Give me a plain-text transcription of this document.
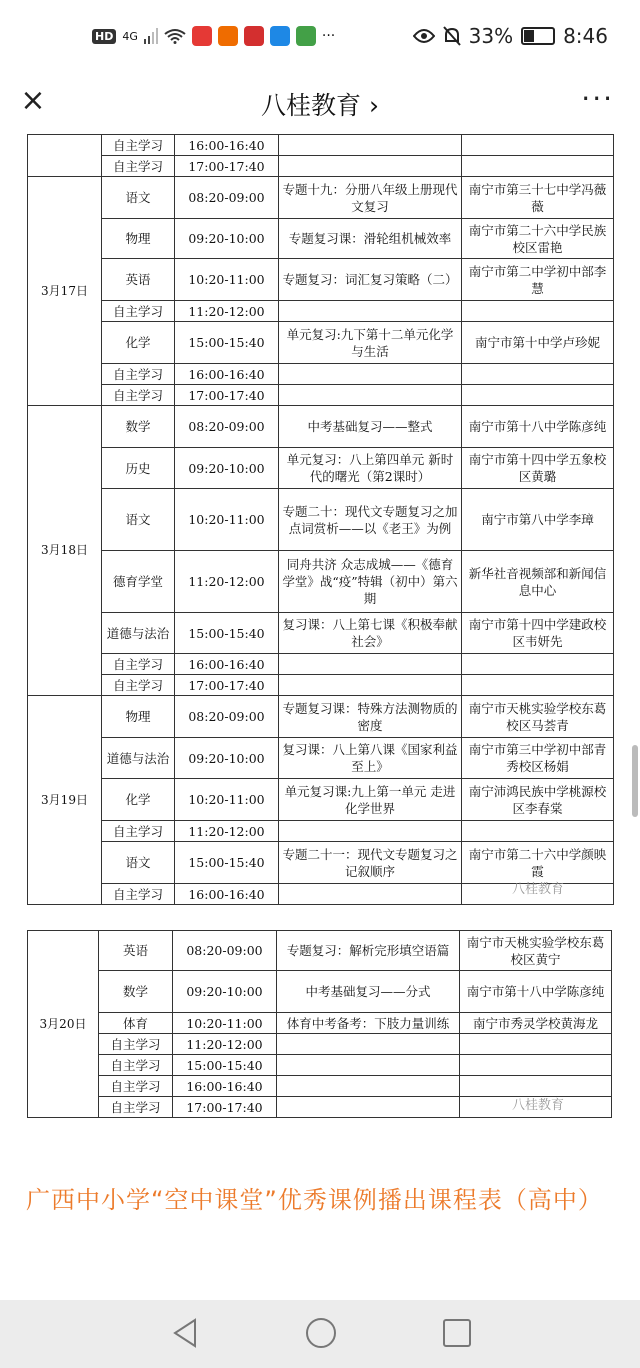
HD 4G	···	33%	8:46
×	八桂教育 ›	···
	自主学习	16:00-16:40		
	自主学习	17:00-17:40		
3月17日	语文	08:20-09:00	专题十九：分册八年级上册现代文复习	南宁市第三十七中学冯薇薇
	物理	09:20-10:00	专题复习课：滑轮组机械效率	南宁市第二十六中学民族校区雷艳
	英语	10:20-11:00	专题复习：词汇复习策略（二）	南宁市第二中学初中部李慧
	自主学习	11:20-12:00		
	化学	15:00-15:40	单元复习:九下第十二单元化学与生活	南宁市第十中学卢珍妮
	自主学习	16:00-16:40		
	自主学习	17:00-17:40		
3月18日	数学	08:20-09:00	中考基础复习——整式	南宁市第十八中学陈彦纯
	历史	09:20-10:00	单元复习：八上第四单元 新时代的曙光（第2课时）	南宁市第十四中学五象校区黄璐
	语文	10:20-11:00	专题二十：现代文专题复习之加点词赏析——以《老王》为例	南宁市第八中学李璋
	德育学堂	11:20-12:00	同舟共济 众志成城——《德育学堂》战“疫”特辑（初中）第六期	新华社音视频部和新闻信息中心
	道德与法治	15:00-15:40	复习课：八上第七课《积极奉献社会》	南宁市第十四中学建政校区韦妍先
	自主学习	16:00-16:40		
	自主学习	17:00-17:40		
3月19日	物理	08:20-09:00	专题复习课：特殊方法测物质的密度	南宁市天桃实验学校东葛校区马荟青
	道德与法治	09:20-10:00	复习课：八上第八课《国家利益至上》	南宁市第三中学初中部青秀校区杨娟
	化学	10:20-11:00	单元复习课:九上第一单元 走进化学世界	南宁沛鸿民族中学桃源校区李春棠
	自主学习	11:20-12:00		
	语文	15:00-15:40	专题二十一：现代文专题复习之记叙顺序	南宁市第二十六中学颜映霞
	自主学习	16:00-16:40		
3月20日	英语	08:20-09:00	专题复习：解析完形填空语篇	南宁市天桃实验学校东葛校区黄宁
	数学	09:20-10:00	中考基础复习——分式	南宁市第十八中学陈彦纯
	体育	10:20-11:00	体育中考备考：下肢力量训练	南宁市秀灵学校黄海龙
	自主学习	11:20-12:00		
	自主学习	15:00-15:40		
	自主学习	16:00-16:40		
	自主学习	17:00-17:40		
八桂教育
八桂教育
广西中小学“空中课堂”优秀课例播出课程表（高中）
